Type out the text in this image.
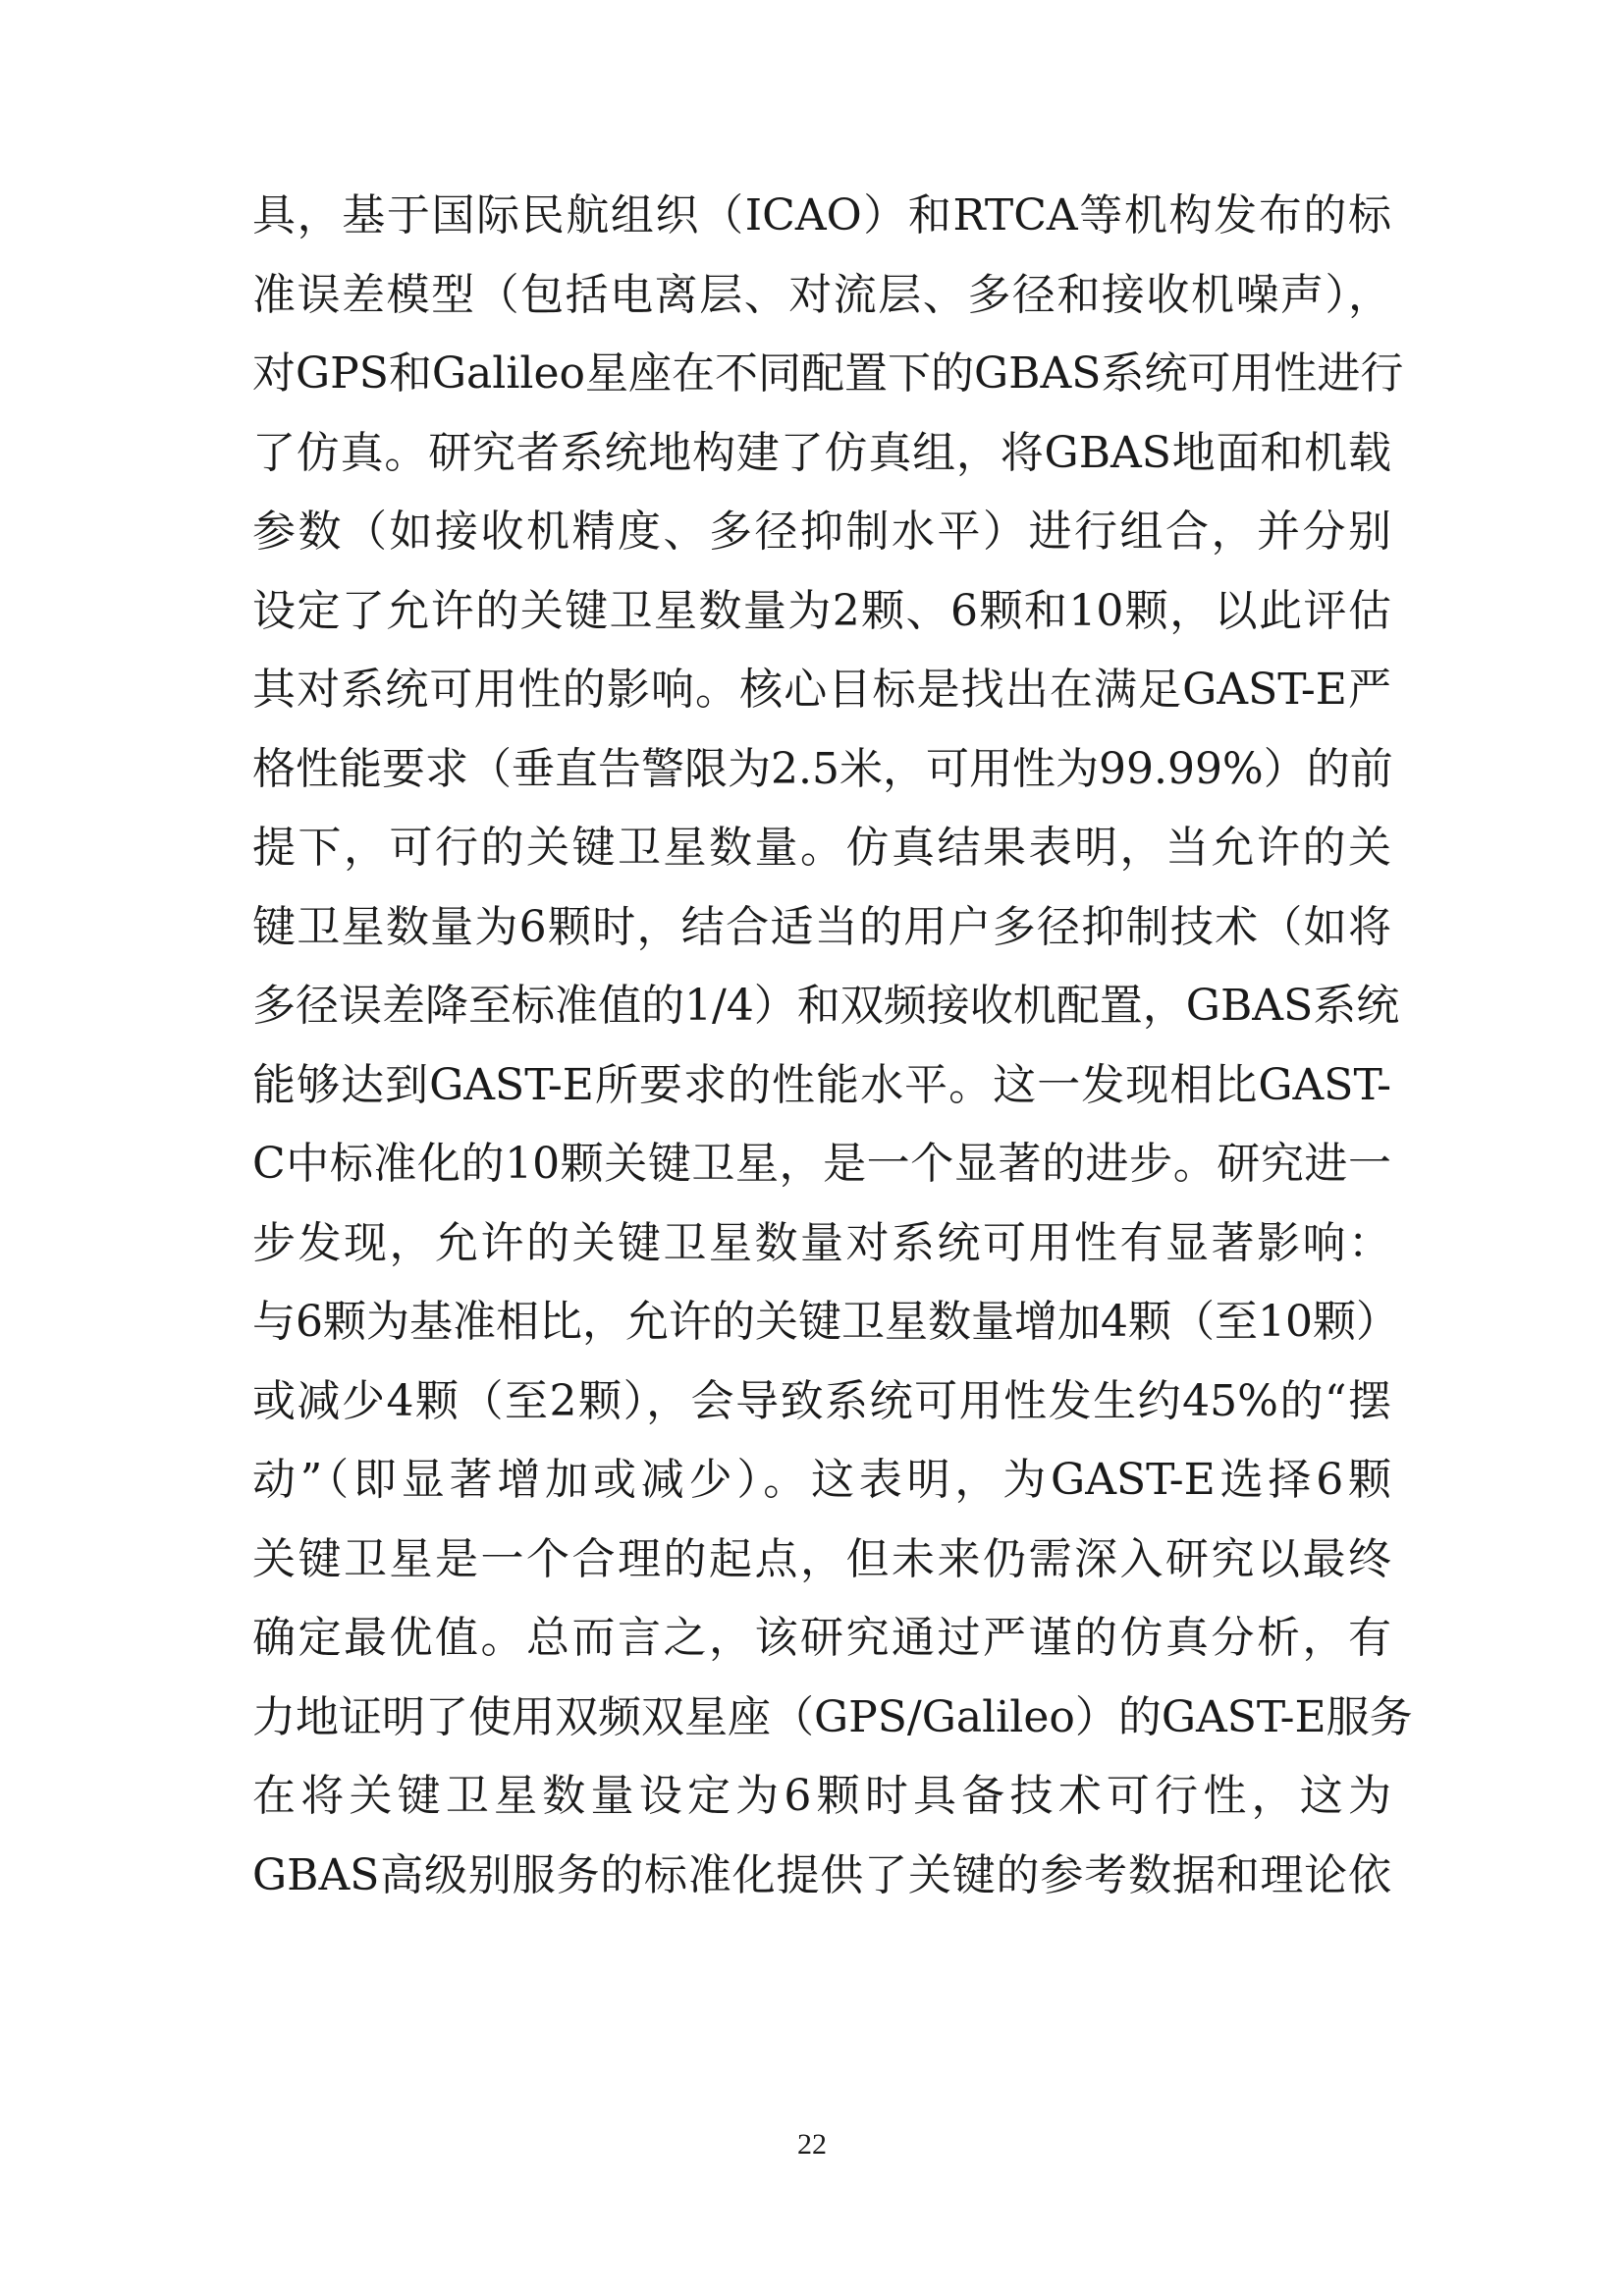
具，基于国际民航组织（ICAO）和RTCA等机构发布的标
准误差模型（包括电离层、对流层、多径和接收机噪声），
对GPS和Galileo星座在不同配置下的GBAS系统可用性进行
了仿真。研究者系统地构建了仿真组，将GBAS地面和机载
参数（如接收机精度、多径抑制水平）进行组合，并分别
设定了允许的关键卫星数量为2颗、6颗和10颗，以此评估
其对系统可用性的影响。核心目标是找出在满足GAST-E严
格性能要求（垂直告警限为2.5米，可用性为99.99%）的前
提下，可行的关键卫星数量。仿真结果表明，当允许的关
键卫星数量为6颗时，结合适当的用户多径抑制技术（如将
多径误差降至标准值的1/4）和双频接收机配置，GBAS系统
能够达到GAST-E所要求的性能水平。这一发现相比GAST-
C中标准化的10颗关键卫星，是一个显著的进步。研究进一
步发现，允许的关键卫星数量对系统可用性有显著影响：
与6颗为基准相比，允许的关键卫星数量增加4颗（至10颗）
或减少4颗（至2颗），会导致系统可用性发生约45%的“摆
动”（即显著增加或减少）。这表明，为GAST-E选择6颗
关键卫星是一个合理的起点，但未来仍需深入研究以最终
确定最优值。总而言之，该研究通过严谨的仿真分析，有
力地证明了使用双频双星座（GPS/Galileo）的GAST-E服务
在将关键卫星数量设定为6颗时具备技术可行性，这为
GBAS高级别服务的标准化提供了关键的参考数据和理论依
22
